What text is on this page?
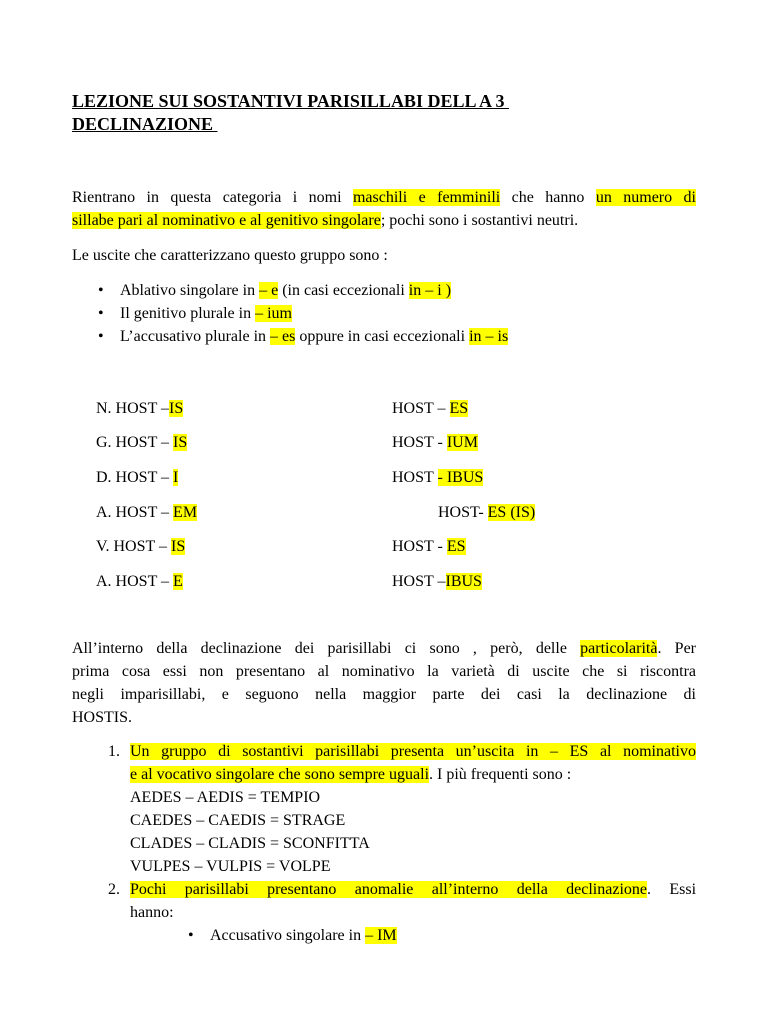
LEZIONE SUI SOSTANTIVI PARISILLABI DELL A 3
DECLINAZIONE
Rientrano in questa categoria i nomi maschili e femminili che hanno un numero di
sillabe pari al nominativo e al genitivo singolare; pochi sono i sostantivi neutri.
Le uscite che caratterizzano questo gruppo sono :
• Ablativo singolare in – e (in casi eccezionali in – i )
• Il genitivo plurale in – ium
• L’accusativo plurale in – es oppure in casi eccezionali in – is
N. HOST –IS
G. HOST – IS
D. HOST – I
A. HOST – EM
V. HOST – IS
A. HOST – E
HOST – ES
HOST - IUM
HOST - IBUS
HOST- ES (IS)
HOST - ES
HOST –IBUS
All’interno della declinazione dei parisillabi ci sono , però, delle particolarità. Per
prima cosa essi non presentano al nominativo la varietà di uscite che si riscontra
negli imparisillabi, e seguono nella maggior parte dei casi la declinazione di
HOSTIS.
1. Un gruppo di sostantivi parisillabi presenta un’uscita in – ES al nominativo
e al vocativo singolare che sono sempre uguali. I più frequenti sono :
AEDES – AEDIS = TEMPIO
CAEDES – CAEDIS = STRAGE
CLADES – CLADIS = SCONFITTA
VULPES – VULPIS = VOLPE
2. Pochi parisillabi presentano anomalie all’interno della declinazione. Essi
hanno:
• Accusativo singolare in – IM
